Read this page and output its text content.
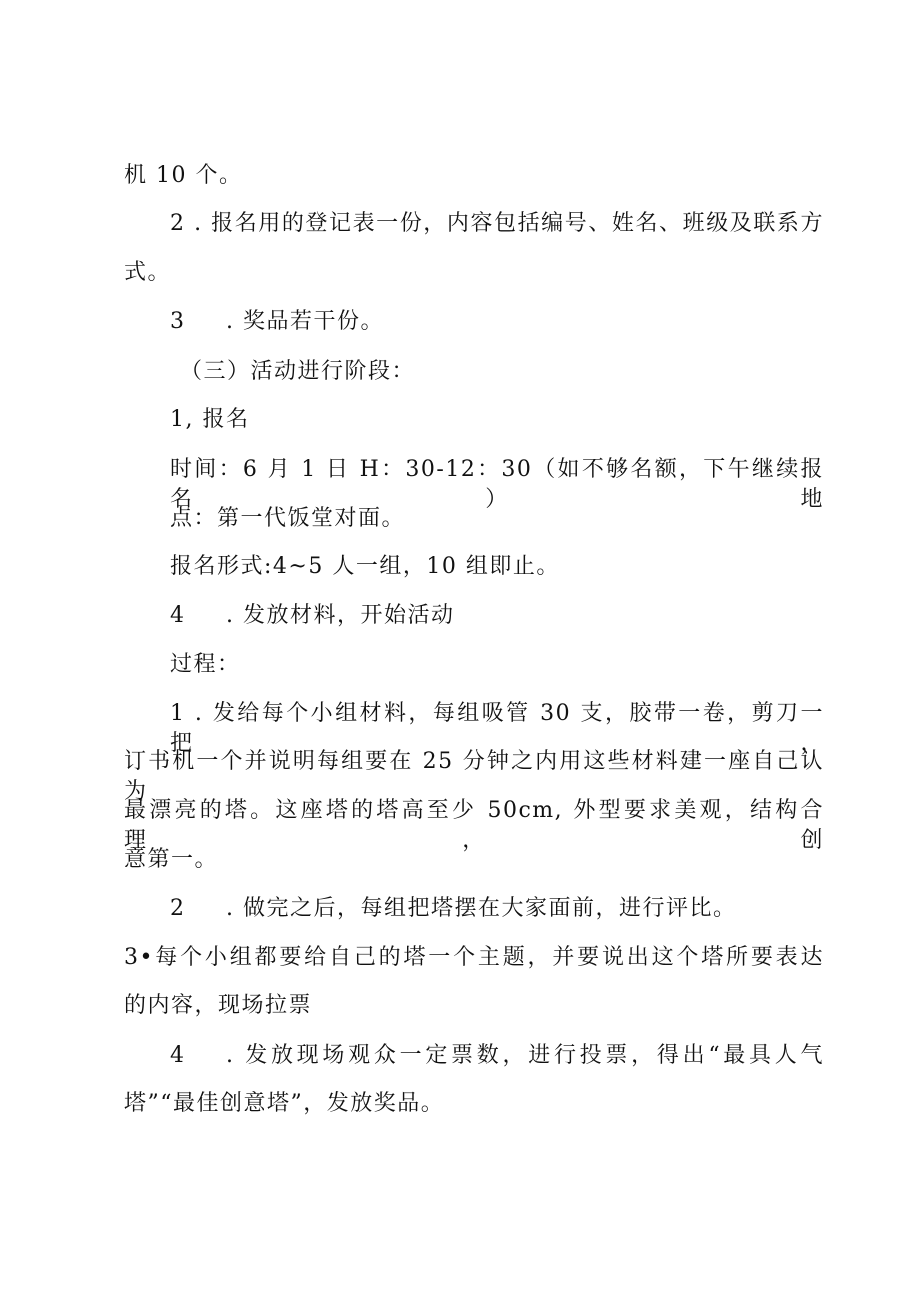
机 10 个。
2 . 报名用的登记表一份，内容包括编号、姓名、班级及联系方
式。
3 . 奖品若干份。
（三）活动进行阶段：
1, 报名
时间：6 月 1 日 H：30-12：30（如不够名额，下午继续报名）地
点：第一代饭堂对面。
报名形式:4~5 人一组，10 组即止。
4 . 发放材料，开始活动
过程：
1 . 发给每个小组材料，每组吸管 30 支，胶带一卷，剪刀一把，
订书机一个并说明每组要在 25 分钟之内用这些材料建一座自己认为
最漂亮的塔。这座塔的塔高至少 50cm, 外型要求美观，结构合理，创
意第一。
2 . 做完之后，每组把塔摆在大家面前，进行评比。
3•每个小组都要给自己的塔一个主题，并要说出这个塔所要表达
的内容，现场拉票
4 . 发放现场观众一定票数，进行投票，得出“最具人气
塔”“最佳创意塔”，发放奖品。
